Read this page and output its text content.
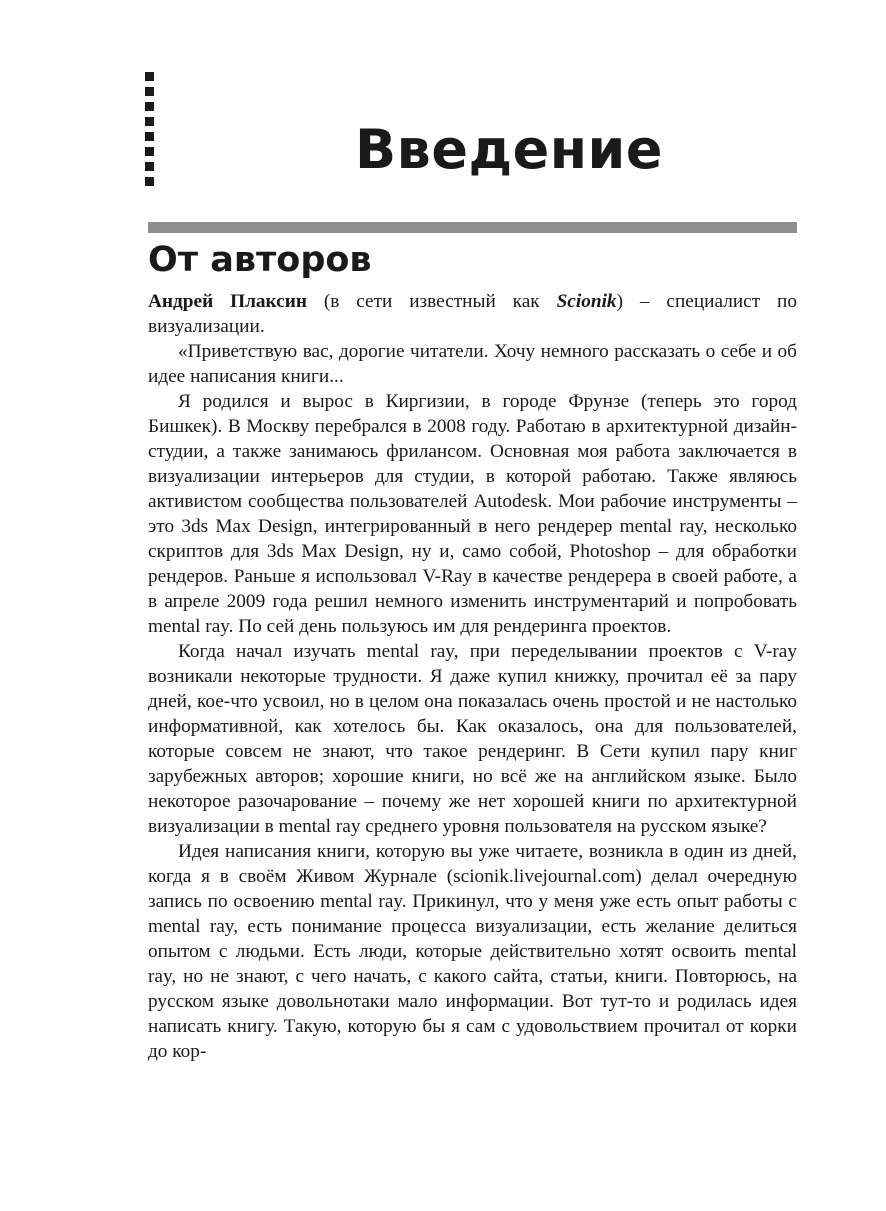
Введение
От авторов

Андрей Плаксин (в сети известный как Scionik) – специалист по визуализации.

«Приветствую вас, дорогие читатели. Хочу немного рассказать о себе и об идее написания книги...

Я родился и вырос в Киргизии, в городе Фрунзе (теперь это город Бишкек). В Москву перебрался в 2008 году. Работаю в архитектурной дизайн-студии, а также занимаюсь фрилансом. Основная моя работа заключается в визуализации интерьеров для студии, в которой работаю. Также являюсь активистом сообщества пользователей Autodesk. Мои рабочие инструменты – это 3ds Max Design, интегрированный в него рендерер mental ray, несколько скриптов для 3ds Max Design, ну и, само собой, Photoshop – для обработки рендеров. Раньше я использовал V-Ray в качестве рендерера в своей работе, а в апреле 2009 года решил немного изменить инструментарий и попробовать mental ray. По сей день пользуюсь им для рендеринга проектов.

Когда начал изучать mental ray, при переделывании проектов с V-ray возникали некоторые трудности. Я даже купил книжку, прочитал её за пару дней, кое-что усвоил, но в целом она показалась очень простой и не настолько информативной, как хотелось бы. Как оказалось, она для пользователей, которые совсем не знают, что такое рендеринг. В Сети купил пару книг зарубежных авторов; хорошие книги, но всё же на английском языке. Было некоторое разочарование – почему же нет хорошей книги по архитектурной визуализации в mental ray среднего уровня пользователя на русском языке?

Идея написания книги, которую вы уже читаете, возникла в один из дней, когда я в своём Живом Журнале (scionik.livejournal.com) делал очередную запись по освоению mental ray. Прикинул, что у меня уже есть опыт работы с mental ray, есть понимание процесса визуализации, есть желание делиться опытом с людьми. Есть люди, которые действительно хотят освоить mental ray, но не знают, с чего начать, с какого сайта, статьи, книги. Повторюсь, на русском языке довольнотаки мало информации. Вот тут-то и родилась идея написать книгу. Такую, которую бы я сам с удовольствием прочитал от корки до кор-
